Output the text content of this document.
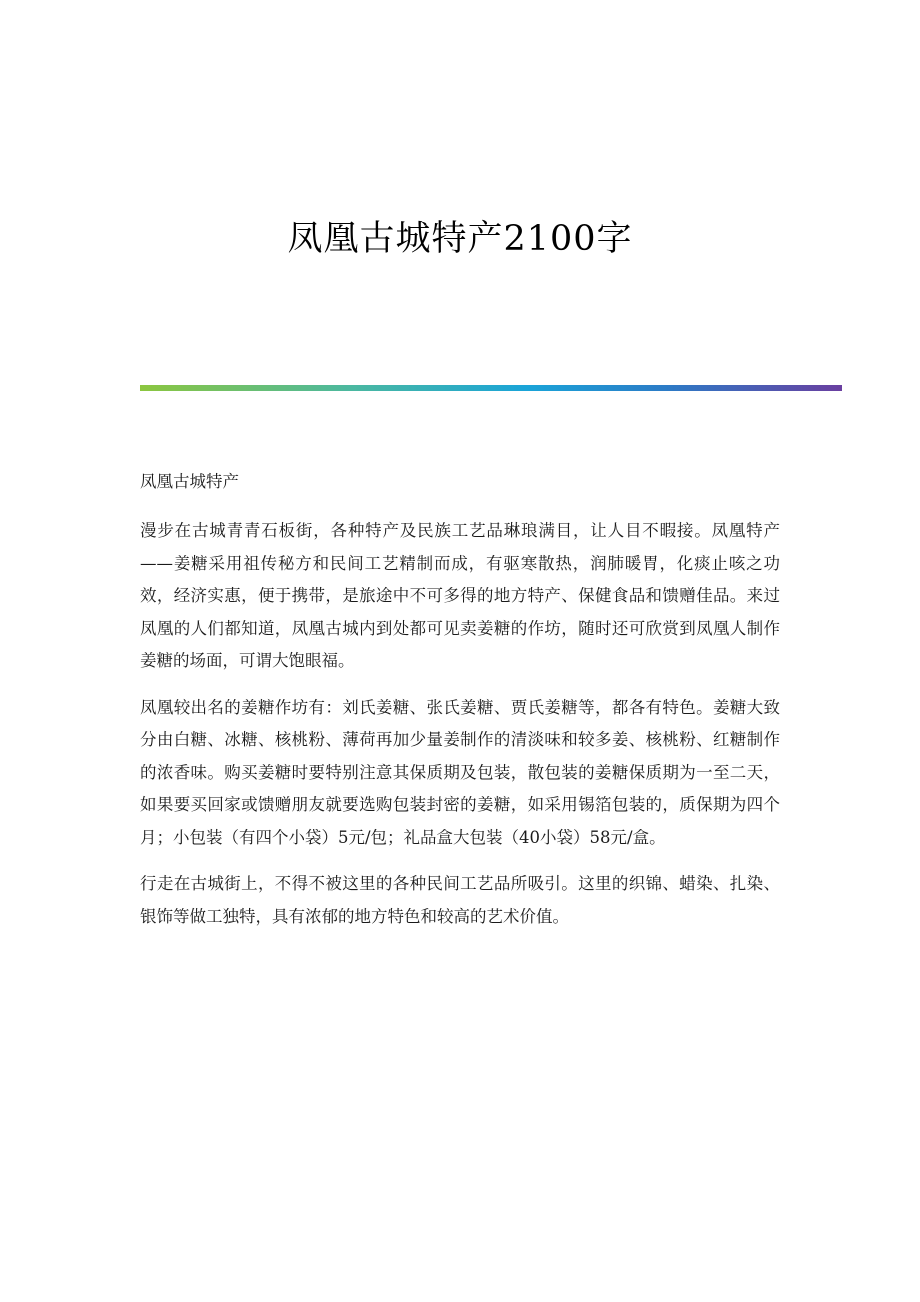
凤凰古城特产2100字
凤凰古城特产

漫步在古城青青石板街，各种特产及民族工艺品琳琅满目，让人目不暇接。凤凰特产——姜糖采用祖传秘方和民间工艺精制而成，有驱寒散热，润肺暖胃，化痰止咳之功效，经济实惠，便于携带，是旅途中不可多得的地方特产、保健食品和馈赠佳品。来过凤凰的人们都知道，凤凰古城内到处都可见卖姜糖的作坊，随时还可欣赏到凤凰人制作姜糖的场面，可谓大饱眼福。

凤凰较出名的姜糖作坊有：刘氏姜糖、张氏姜糖、贾氏姜糖等，都各有特色。姜糖大致分由白糖、冰糖、核桃粉、薄荷再加少量姜制作的清淡味和较多姜、核桃粉、红糖制作的浓香味。购买姜糖时要特别注意其保质期及包装，散包装的姜糖保质期为一至二天，如果要买回家或馈赠朋友就要选购包装封密的姜糖，如采用锡箔包装的，质保期为四个月；小包装（有四个小袋）5元/包；礼品盒大包装（40小袋）58元/盒。

行走在古城街上，不得不被这里的各种民间工艺品所吸引。这里的织锦、蜡染、扎染、银饰等做工独特，具有浓郁的地方特色和较高的艺术价值。
